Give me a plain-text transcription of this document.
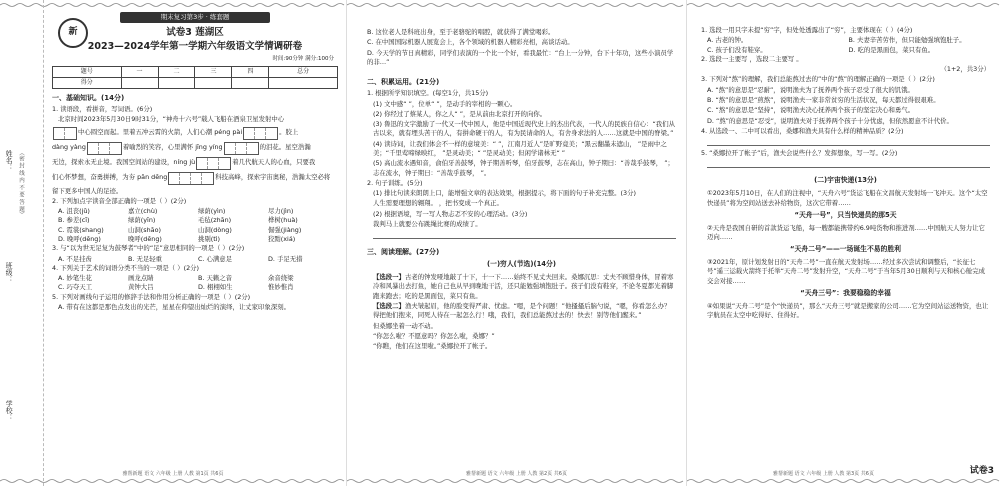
姓名：
班级：
学校：
（密 封 线 内 不 要 答 题）
新
期末复习第3步 · 练套题
试卷3 莲湖区
2023—2024学年第一学期六年级语文学情调研卷
时间:90分钟 满分:100分
题号	一	二	三	四	总分
得分					
一、基础知识。(14分)
1. 读语段，看拼音，写词语。(6分)
北京时间2023年5月30日9时31分，“神舟十六号”载人飞船在酒泉卫星发射中心
中心圆空而起。里着五冲云霄的火箭，人们心潮 péng pài	。胶上
dàng yàng	着喻烈的笑容，心里满怀 jīng yíng	的泪花。星空浩瀚
无边，探索永无止境。我国空间站的建设，níng jù	着几代航天人的心血，只要我
们心怀梦想，奋勇拼搏，为夯 pān dēng	科技高峰，探索宇宙奥秘，浩瀚太空必将
留下更多中国人的足迹。
2. 下列加点字读音全部正确的一项是（ ）(2分)
A. 沮丧(jǔ)	嘉立(chù)	绿荫(yìn)	尽力(jìn)
B. 参差(cī)	绿荫(yīn)	毛毡(zhān)	桦树(huà)
C. 霓裳(shang)	山洞(shāo)	山洞(dòng)	倔强(jiàng)
D. 晚呼(dēng)	晚呼(dēng)	挑剔(tì)	狡黠(xiá)
3. 与“以为世无足复为鼓琴者”中的“足”意思相同的一项是（ ）(2分)
A. 不足挂齿	B. 无足轻重	C. 心满意足	D. 手足无措
4. 下列关于艺术的词语分类不当的一项是（ ）(2分)
A. 妙笔生花	画龙点睛	B. 天籁之音	余音绕梁
C. 巧夺天工	黄钟大吕	D. 栩栩如生	惟妙惟肖
5. 下列对画线句子运用的修辞手法和作用分析正确的一项是（ ）(2分)
A. 带有在这都是那色点发出的光芒，星星在仰望出灿烂的演绎，让丈家印象深刻。
雅帮新题 语文 六年级 上册 人教 第1页 共6页
B. 这位老人是科班出身，至于老骆驼的唱腔，就获得了满堂喝彩。
C. 在中国国际机器人展览会上，各个领域的机器人精彩亮相，高谈话动。
D. 今天学的节日真精彩，同学们表演的一个比一个好，看我最忙：“台上一分钟，台下十年功，这些小演员学的非…”
二、积累运用。(21分)
1. 根据所学知识填空。(每空1分，共15分)
(1) 文中感“ ”，位单“ ”，是动手的宰相的一颗心。
(2) 你经过了蔡某人，你之人“ ”，是从前由北京打开的向你。
(3) 鲁迅的文字激励了一代又一代中国人，他是中国近现代史上的杰出代表，一代人的民族自信心：“我们从古以来，就有埋头苦干的人，有拼命硬干的人，有为民请命的人，有舍身求法的人……这就是中国的脊梁。”
(4) 读诗词，让我们体会不一样的意境美：“ ”，江南月近人”是旷野竟美；“黑云翻墨未遮山， ”是雨中之美；“千里莺啼绿映红， ”是灵动美；“ ”是灵动美；但闲学诸林无“ ”
(5) 高山流水遇知音，俞伯牙善鼓琴，钟子期善听琴，伯牙鼓琴，志在高山，钟子期曰：“善哉乎鼓琴， ”；志在流水，钟子期曰：“善哉乎鼓琴， ”。
2. 句子训练。(5分)
(1) 排比句读来朗朗上口，能增强文章的表达效果，根据提示，将下面的句子补充完整。(3分)
人生需要理想的翱翔。 ，把书变成一个真正。
(2) 根据语境，写一写人物忐忑不安的心理活动。(3分)
裁判马上就要公布跳绳比赛的成绩了。
三、阅读理解。(27分)
(一)穷人(节选)(14分)
【选段一】古老的钟发哑地敲了十下，十一下……始终不见丈夫回来。桑娜沉思：丈夫不顾惜身体，冒着寒冷和风暴出去打鱼，她自己也从早到晚地干活，还只能勉强填饱肚子。孩子们没有鞋穿，不论冬夏都光着脚跑来跑去；吃的是黑面包，菜只有鱼。
【选段二】渔夫皱起眉，他的脸变得严肃、忧虑。“嗯，是个问题！”他搔搔后脑勺说，“嗯，你看怎么办？得把他们抱来，同死人待在一起怎么行！哦，我们，我们总能熬过去的！快去！别等他们醒来。”
但桑娜坐着一动不动。
“你怎么啦？不愿意吗？你怎么啦，桑娜？”
“你瞧，他们在这里啦。”桑娜拉开了帐子。
雅帮新题 语文 六年级 上册 人教 第2页 共6页
1. 选段一用只字未提“穷”字，但处处透露出了“穷”，主要体现在（ ）(4分)
A. 古老的钟。	B. 夫妻辛苦劳作，但只能勉强填饱肚子。
C. 孩子们没有鞋穿。	D. 吃的是黑面包，菜只有鱼。
2. 选段一主要写 ，选段二主要写 。
（1+2，共3分）
3. 下列对“熬”的理解，我们总能熬过去的”中的“熬”的理解正确的一项是（ ）(2分)
A. “熬”的意思是“忍耐”，说明渔夫为了抚养两个孩子忍受了很大的饥饿。
B. “熬”的意思是“煎熬”，说明渔夫一家非常贫穷的生活状况，每天都过得很艰难。
C. “熬”的意思是“坚持”，说明渔夫决心抚养两个孩子的坚定决心和勇气。
D. “熬”的意思是“忍受”，说明渔夫对于抚养两个孩子十分忧虑，但依然愿意不计代价。
4. 从选段一、二中可以看出，桑娜和渔夫具有什么样的精神品质？(2分)
5. “桑娜拉开了帐子”后，渔夫会说些什么？发挥想象，写一写。(2分)
(二)宇宙快递(13分)
①2023年5月10日，在人们的注视中，“天舟六号”货运飞船在文昌航天发射场一飞冲天。这个“太空快递员”将为空间站送去补给物资，这次它带着……
“天舟一号”，只当快递员的那5天
②天舟是我国自研的首款货运飞船，每一艘都能携带约6.9吨货物和推进剂……中国航天人努力让它迈向……
“天舟二号”——一场诞生不易的胜利
③2021年，原计划发射日的“天舟二号”一直在航天发射场……经过多次尝试和调整后，“长征七号”遥三运载火箭终于托举“天舟二号”发射升空，“天舟二号”于当年5月30日顺利与天和核心舱完成交会对接……
“天舟三号”：我要稳稳的幸福
④如果说“天舟二号”是个“快递员”，那么“天舟三号”就是搬家的公司……它为空间站运送物资，也让宇航员在太空中吃得好、住得好。
雅帮新题 语文 六年级 上册 人教 第3页 共6页	试卷3
